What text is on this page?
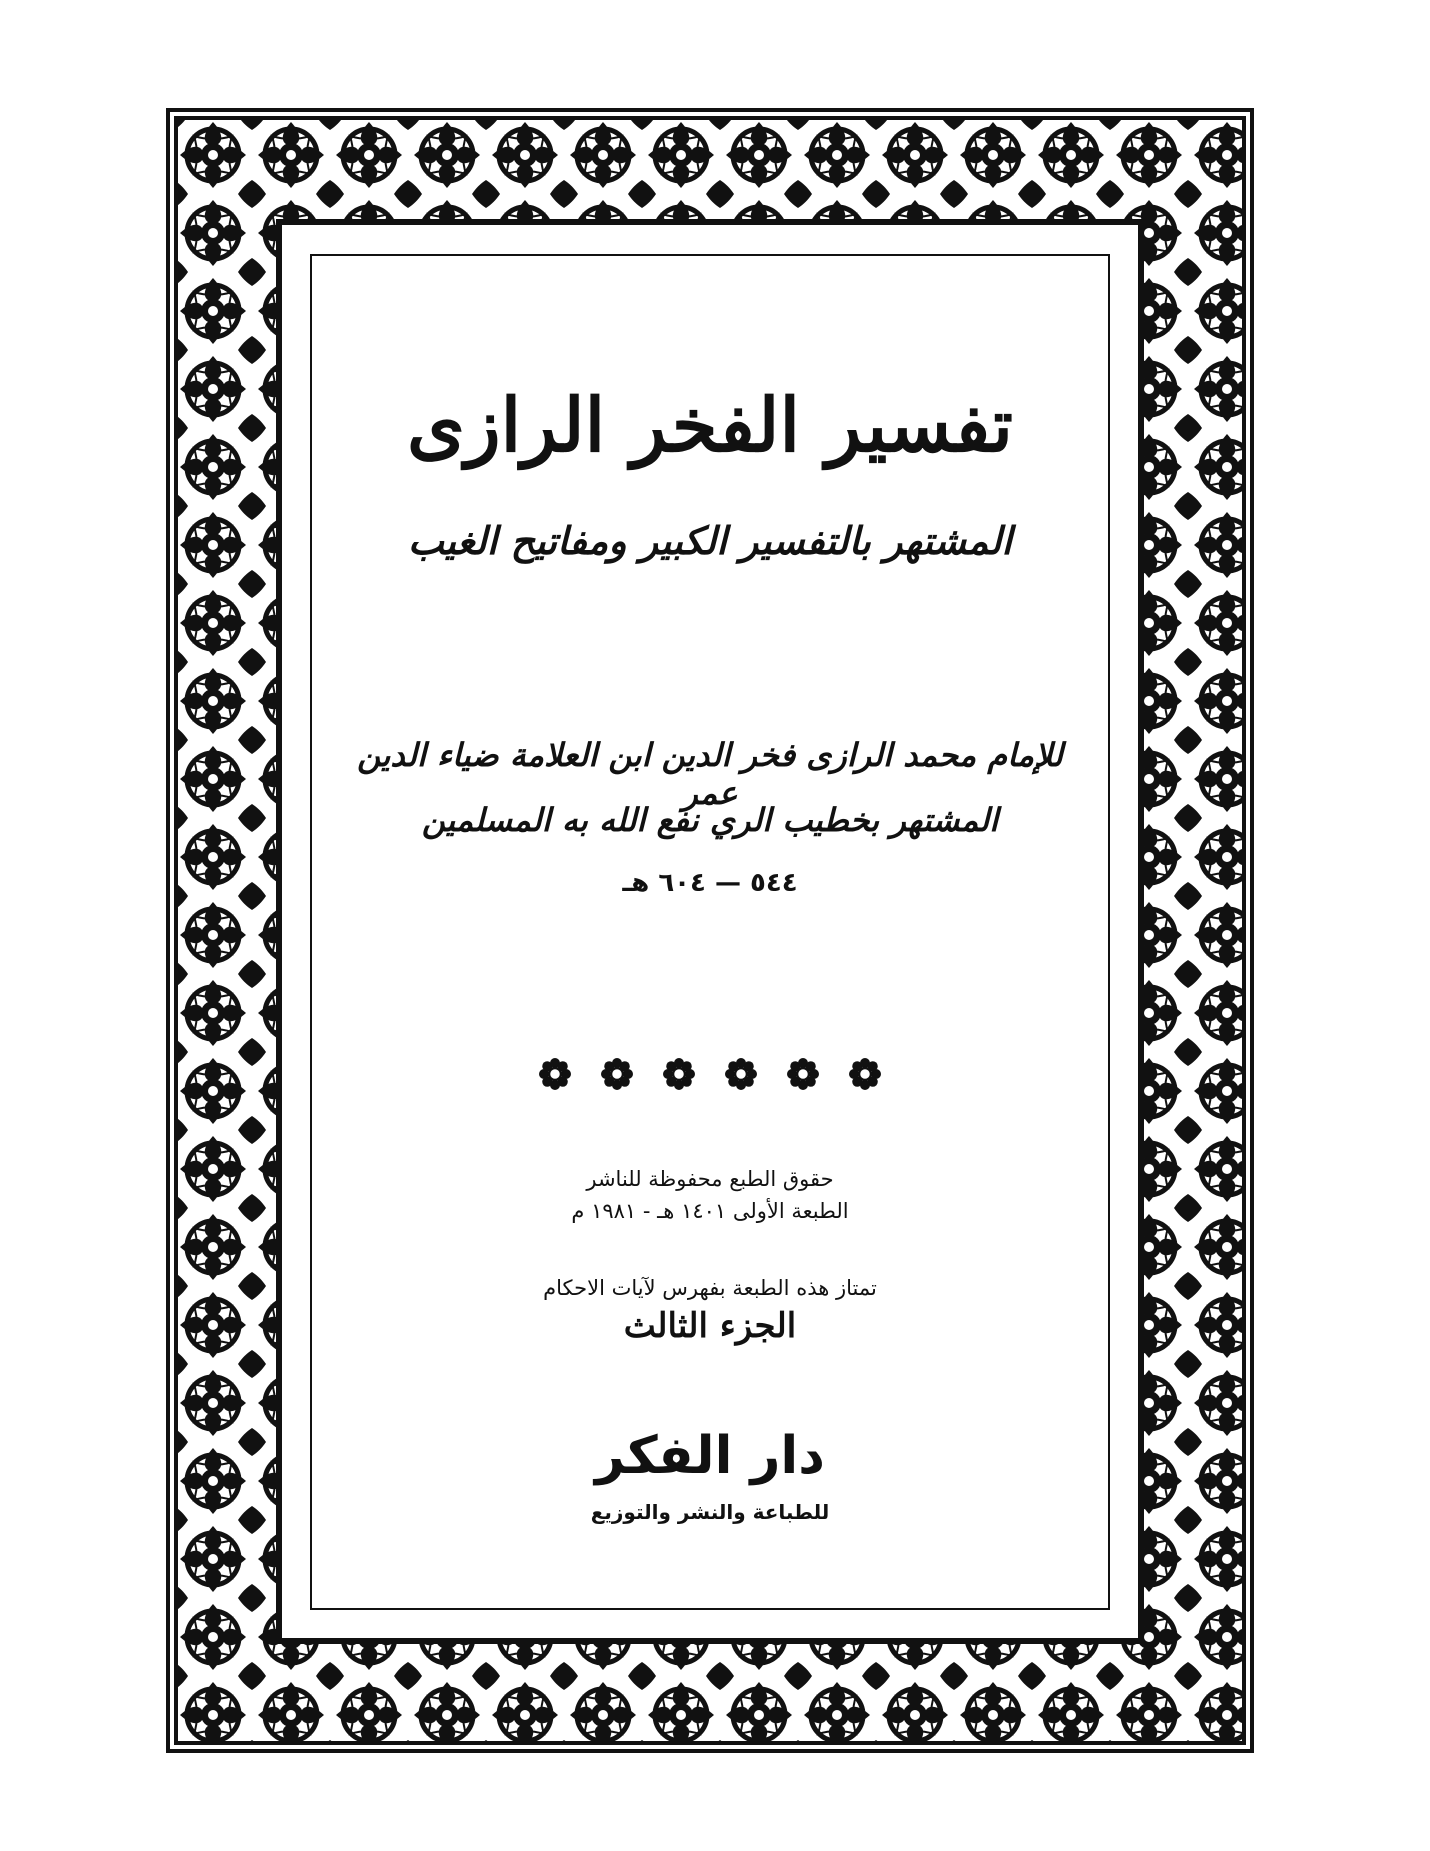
تفسير الفخر الرازى
المشتهر بالتفسير الكبير ومفاتيح الغيب
للإمام محمد الرازى فخر الدين ابن العلامة ضياء الدين عمر
المشتهر بخطيب الري نفع الله به المسلمين
٥٤٤ — ٦٠٤ هـ
حقوق الطبع محفوظة للناشر
الطبعة الأولى ١٤٠١ هـ - ١٩٨١ م
تمتاز هذه الطبعة بفهرس لآيات الاحكام
الجزء الثالث
دار الفكر
للطباعة والنشر والتوزيع
